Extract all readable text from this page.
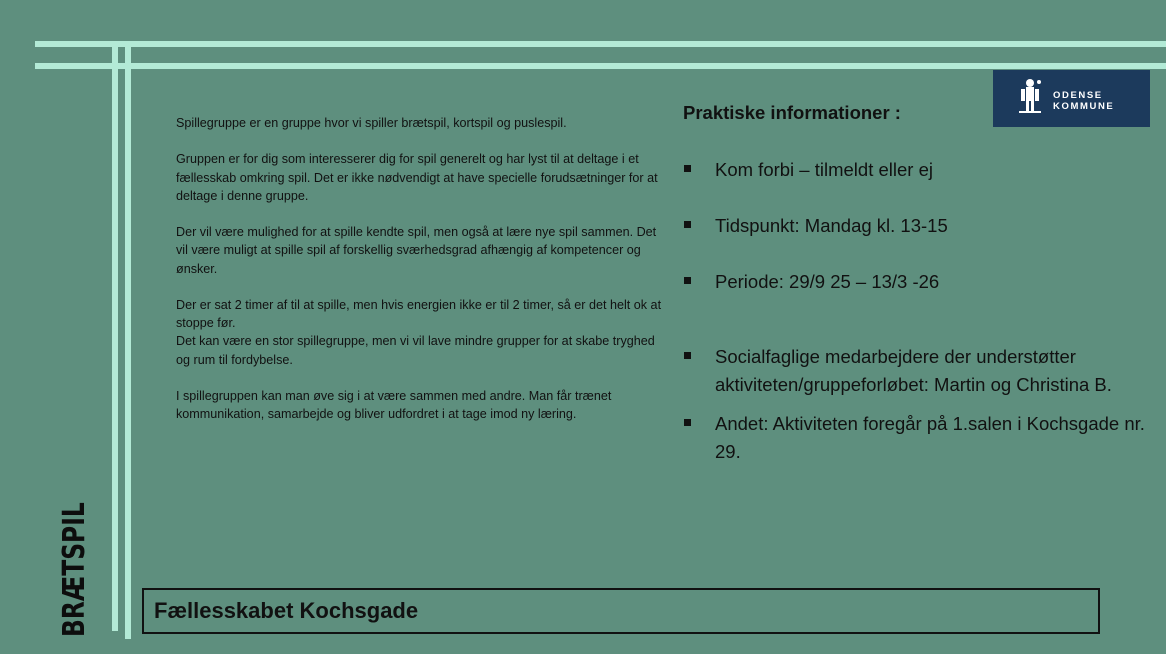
BRÆTSPIL

Spillegruppe er en gruppe hvor vi spiller brætspil, kortspil og puslespil.

Gruppen er for dig som interesserer dig for spil generelt og har lyst til at deltage i et fællesskab omkring spil. Det er ikke nødvendigt at have specielle forudsætninger for at deltage i denne gruppe.

Der vil være mulighed for at spille kendte spil, men også at lære nye spil sammen. Det vil være muligt at spille spil af forskellig sværhedsgrad afhængig af kompetencer og ønsker.

Der er sat 2 timer af til at spille, men hvis energien ikke er til 2 timer, så er det helt ok at stoppe før.

Det kan være en stor spillegruppe, men vi vil lave mindre grupper for at skabe tryghed og rum til fordybelse.

I spillegruppen kan man øve sig i at være sammen med andre. Man får trænet kommunikation, samarbejde og bliver udfordret i at tage imod ny læring.

ODENSE
KOMMUNE
Praktiske informationer :
Kom forbi – tilmeldt eller ej
Tidspunkt: Mandag kl. 13-15
Periode: 29/9 25 – 13/3 -26
Socialfaglige medarbejdere der understøtter aktiviteten/gruppeforløbet: Martin og Christina B.
Andet: Aktiviteten foregår på 1.salen i Kochsgade nr. 29.
Fællesskabet Kochsgade
